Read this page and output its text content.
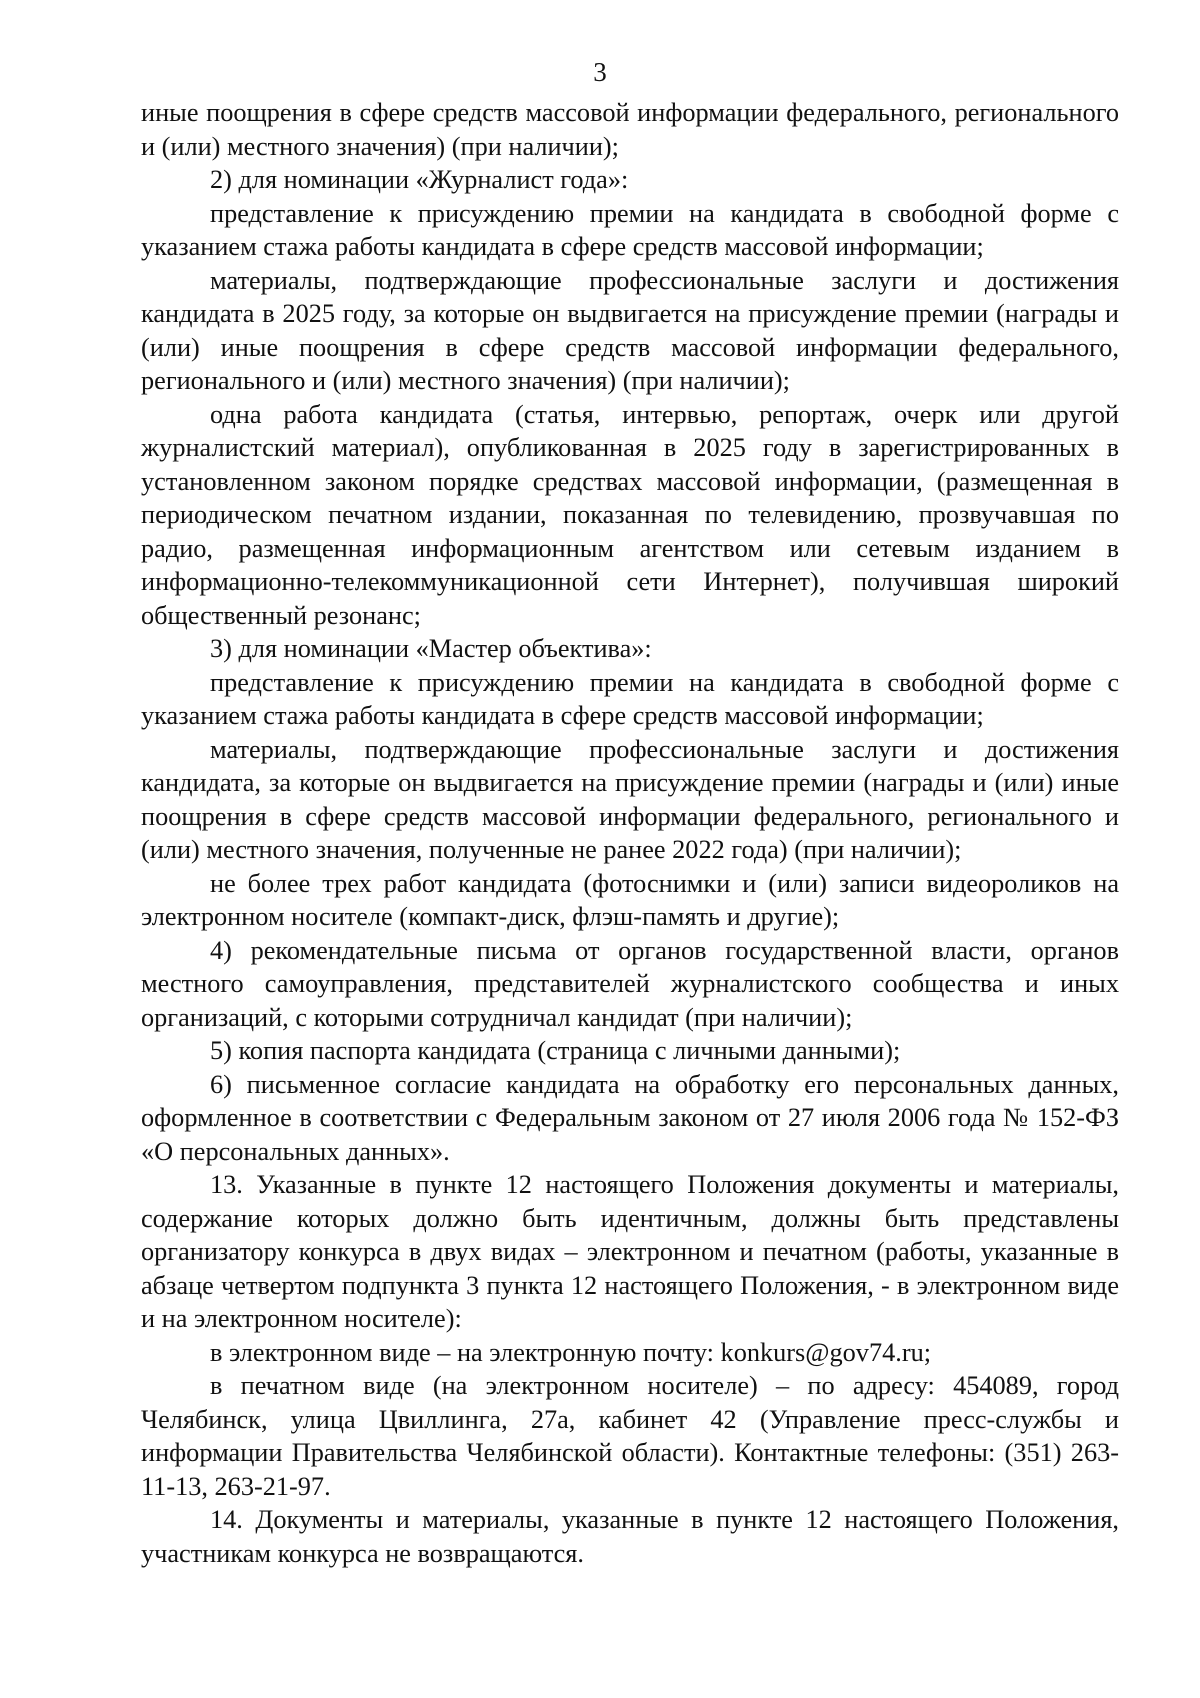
3

иные поощрения в сфере средств массовой информации федерального, регионального и (или) местного значения) (при наличии);

2) для номинации «Журналист года»:

представление к присуждению премии на кандидата в свободной форме с указанием стажа работы кандидата в сфере средств массовой информации;

материалы, подтверждающие профессиональные заслуги и достижения кандидата в 2025 году, за которые он выдвигается на присуждение премии (награды и (или) иные поощрения в сфере средств массовой информации федерального, регионального и (или) местного значения) (при наличии);

одна работа кандидата (статья, интервью, репортаж, очерк или другой журналистский материал), опубликованная в 2025 году в зарегистрированных в установленном законом порядке средствах массовой информации, (размещенная в периодическом печатном издании, показанная по телевидению, прозвучавшая по радио, размещенная информационным агентством или сетевым изданием в информационно-телекоммуникационной сети Интернет), получившая широкий общественный резонанс;

3) для номинации «Мастер объектива»:

представление к присуждению премии на кандидата в свободной форме с указанием стажа работы кандидата в сфере средств массовой информации;

материалы, подтверждающие профессиональные заслуги и достижения кандидата, за которые он выдвигается на присуждение премии (награды и (или) иные поощрения в сфере средств массовой информации федерального, регионального и (или) местного значения, полученные не ранее 2022 года) (при наличии);

не более трех работ кандидата (фотоснимки и (или) записи видеороликов на электронном носителе (компакт-диск, флэш-память и другие);

4) рекомендательные письма от органов государственной власти, органов местного самоуправления, представителей журналистского сообщества и иных организаций, с которыми сотрудничал кандидат (при наличии);

5) копия паспорта кандидата (страница с личными данными);

6) письменное согласие кандидата на обработку его персональных данных, оформленное в соответствии с Федеральным законом от 27 июля 2006 года № 152-ФЗ «О персональных данных».

13. Указанные в пункте 12 настоящего Положения документы и материалы, содержание которых должно быть идентичным, должны быть представлены организатору конкурса в двух видах – электронном и печатном (работы, указанные в абзаце четвертом подпункта 3 пункта 12 настоящего Положения, - в электронном виде и на электронном носителе):

в электронном виде – на электронную почту: konkurs@gov74.ru;

в печатном виде (на электронном носителе) – по адресу: 454089, город Челябинск, улица Цвиллинга, 27а, кабинет 42 (Управление пресс-службы и информации Правительства Челябинской области). Контактные телефоны: (351) 263-11-13, 263-21-97.

14. Документы и материалы, указанные в пункте 12 настоящего Положения, участникам конкурса не возвращаются.
